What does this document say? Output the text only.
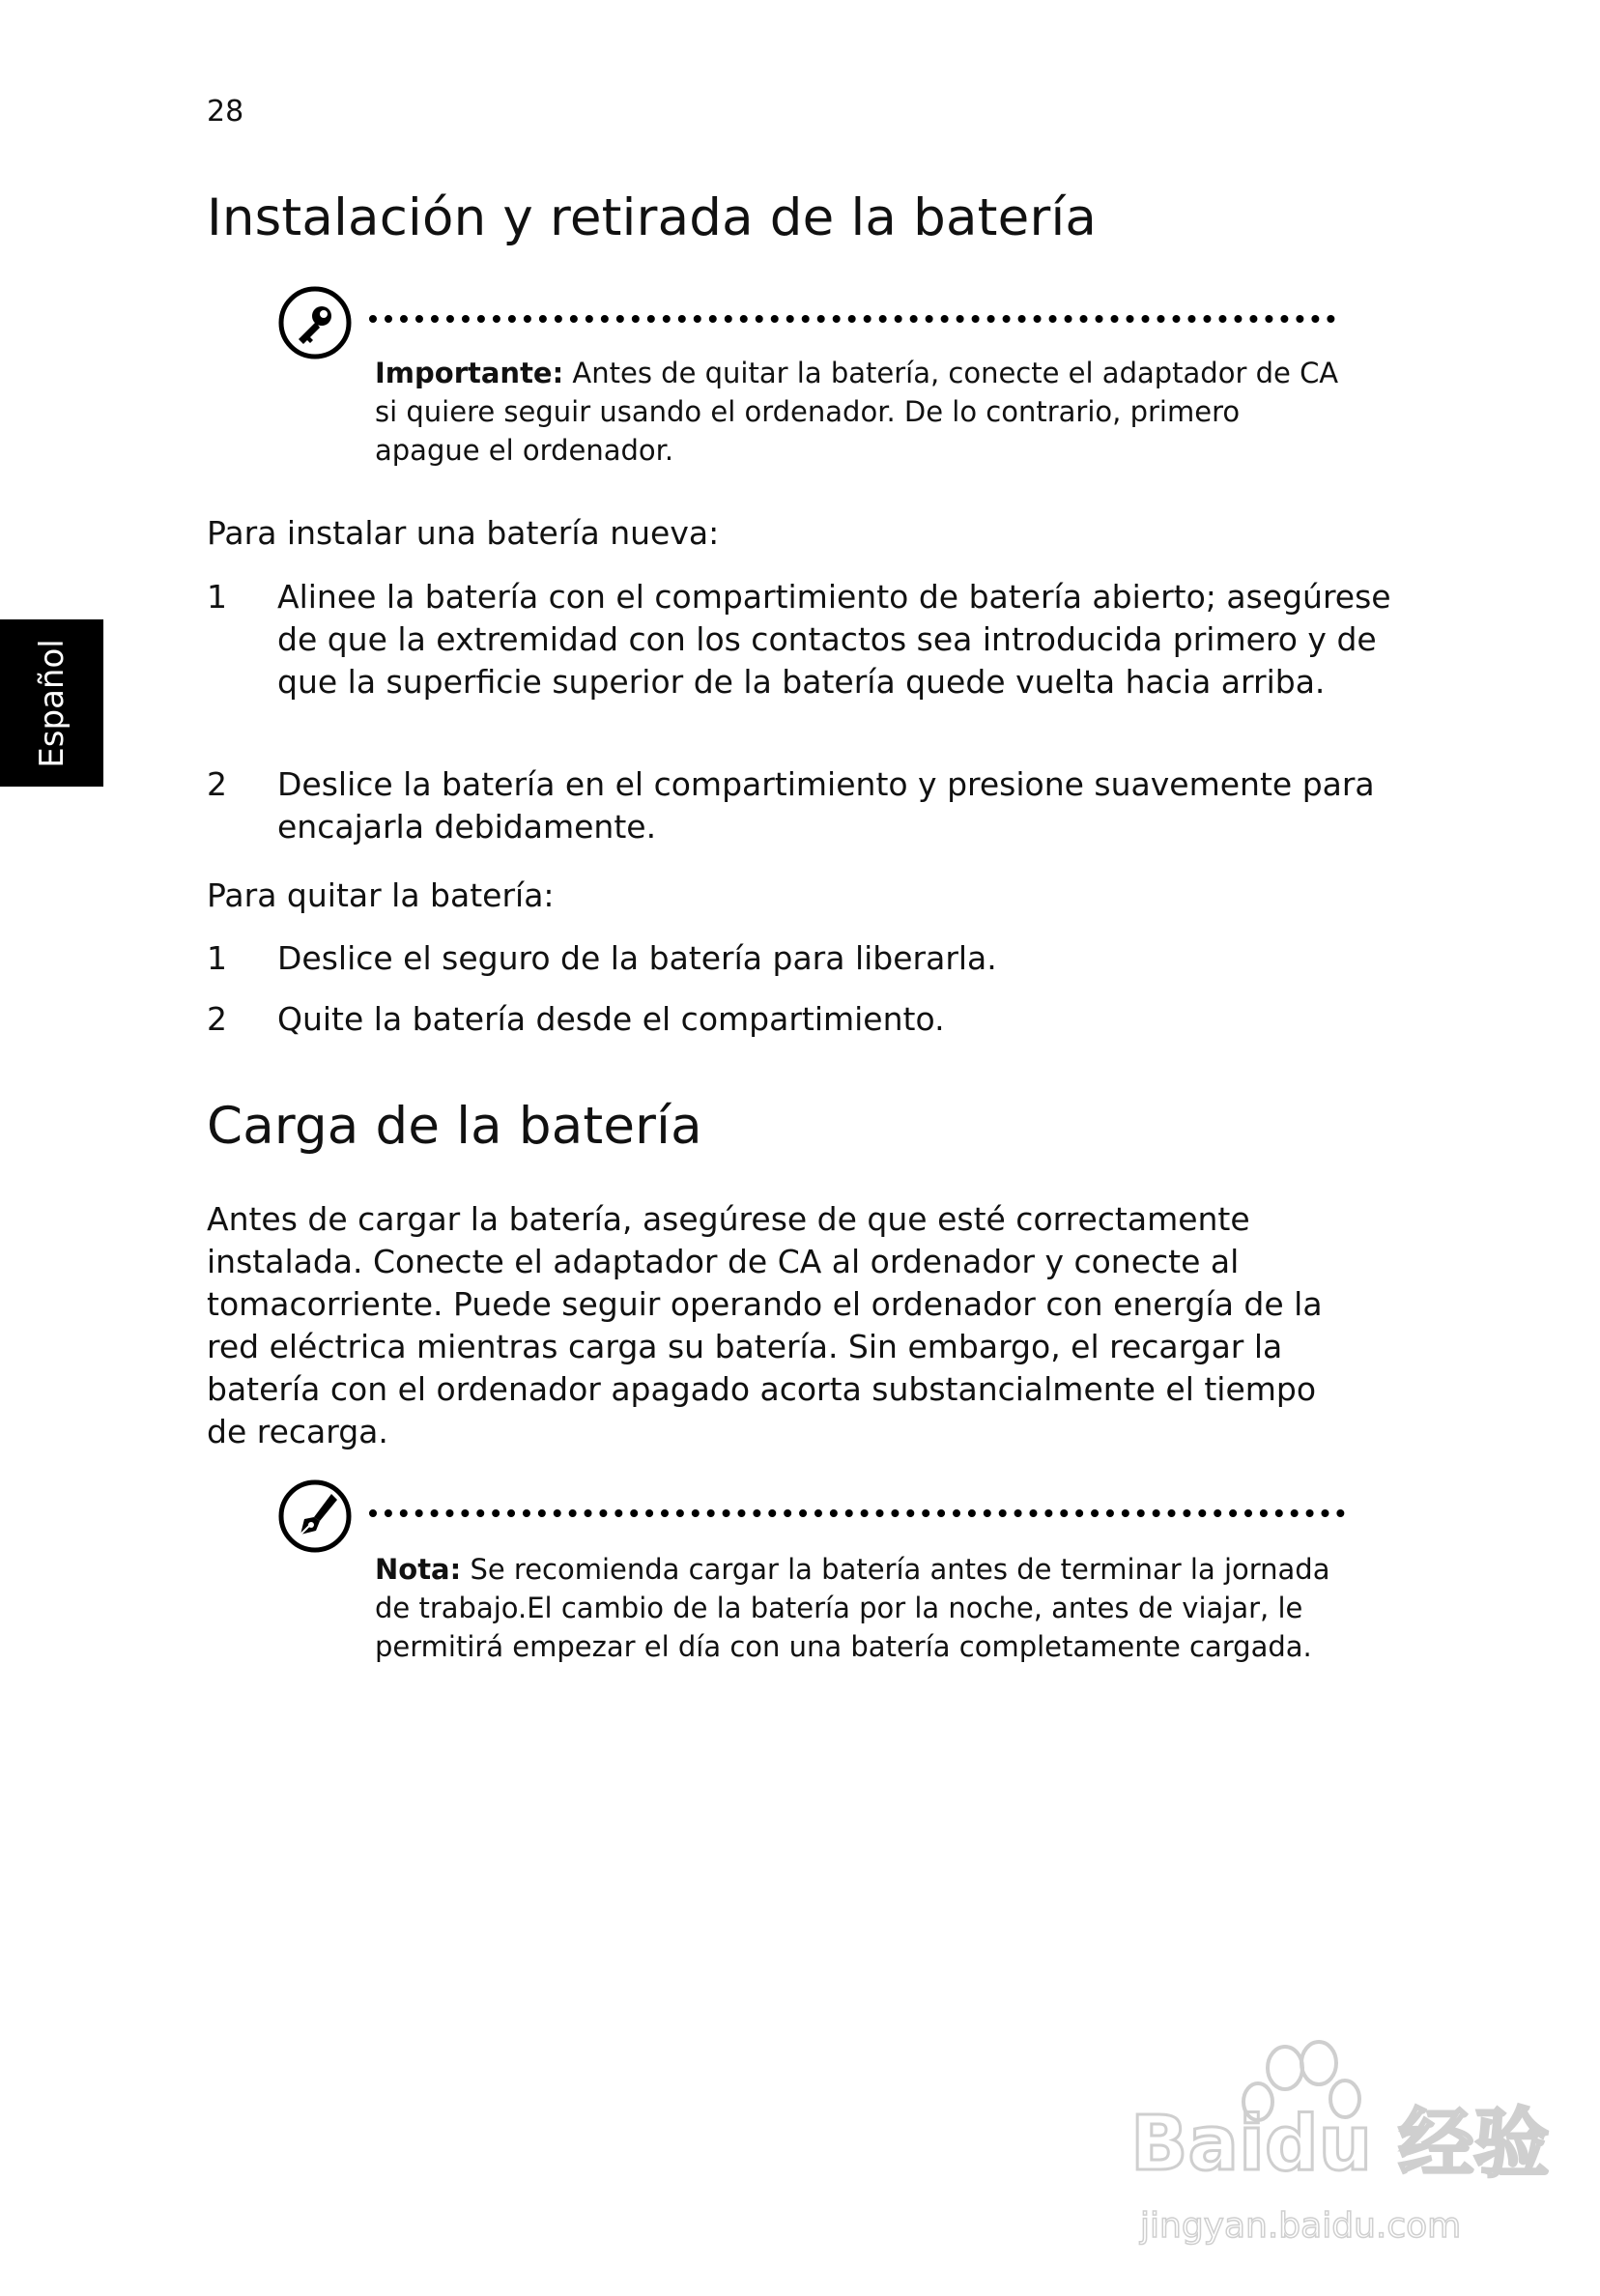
28
Español
Instalación y retirada de la batería
Importante: Antes de quitar la batería, conecte el adaptador de CA si quiere seguir usando el ordenador. De lo contrario, primero apague el ordenador.
Para instalar una batería nueva:
1 Alinee la batería con el compartimiento de batería abierto; asegúrese de que la extremidad con los contactos sea introducida primero y de que la superficie superior de la batería quede vuelta hacia arriba.
2 Deslice la batería en el compartimiento y presione suavemente para encajarla debidamente.
Para quitar la batería:
1 Deslice el seguro de la batería para liberarla.
2 Quite la batería desde el compartimiento.
Carga de la batería
Antes de cargar la batería, asegúrese de que esté correctamente instalada. Conecte el adaptador de CA al ordenador y conecte al tomacorriente. Puede seguir operando el ordenador con energía de la red eléctrica mientras carga su batería. Sin embargo, el recargar la batería con el ordenador apagado acorta substancialmente el tiempo de recarga.
Nota: Se recomienda cargar la batería antes de terminar la jornada de trabajo.El cambio de la batería por la noche, antes de viajar, le permitirá empezar el día con una batería completamente cargada.
Baidu 经验
jingyan.baidu.com
